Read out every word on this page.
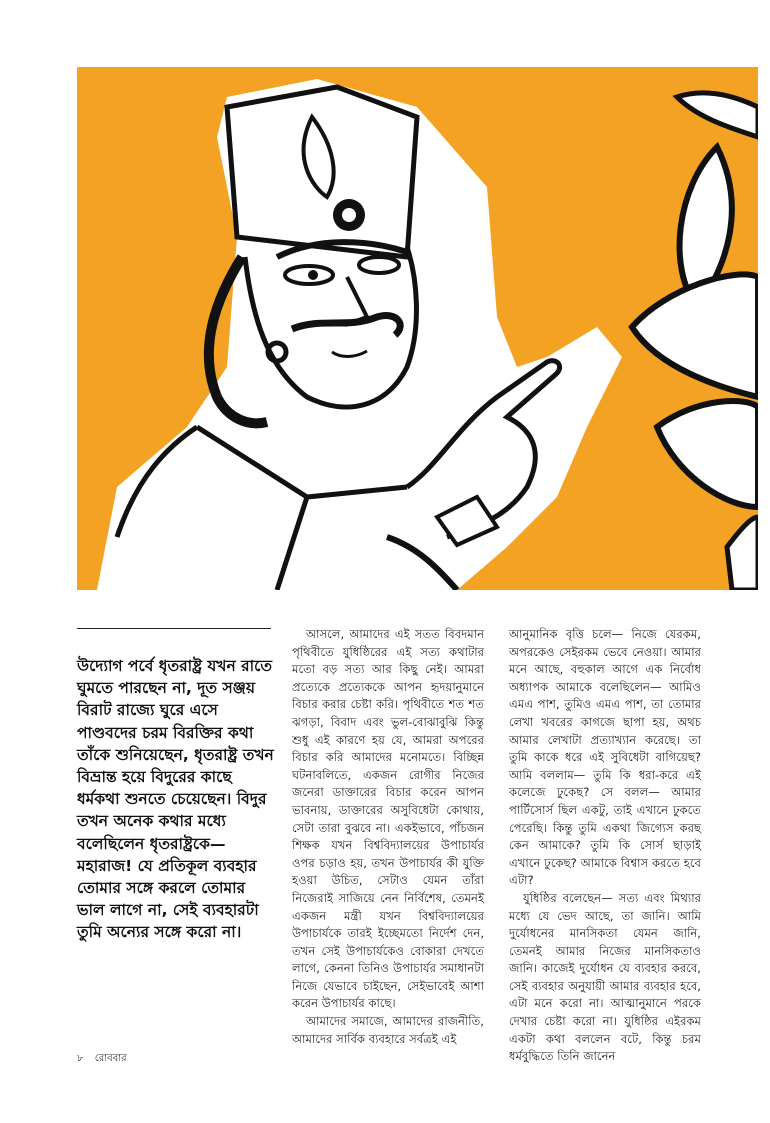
উদ্যোগ পর্বে ধৃতরাষ্ট্র যখন রাতে ঘুমতে পারছেন না, দূত সঞ্জয় বিরাট রাজ্যে ঘুরে এসে পাণ্ডবদের চরম বিরক্তির কথা তাঁকে শুনিয়েছেন, ধৃতরাষ্ট্র তখন বিভ্রান্ত হয়ে বিদুরের কাছে ধর্মকথা শুনতে চেয়েছেন। বিদুর তখন অনেক কথার মধ্যে বলেছিলেন ধৃতরাষ্ট্রকে— মহারাজ! যে প্রতিকূল ব্যবহার তোমার সঙ্গে করলে তোমার ভাল লাগে না, সেই ব্যবহারটা তুমি অন্যের সঙ্গে করো না।

আসলে, আমাদের এই সতত বিবদমান পৃথিবীতে যুধিষ্ঠিরের এই সত্য কথাটার মতো বড় সত্য আর কিছু নেই। আমরা প্রত্যেকে প্রত্যেককে আপন হৃদয়ানুমানে বিচার করার চেষ্টা করি। পৃথিবীতে শত শত ঝগড়া, বিবাদ এবং ভুল-বোঝাবুঝি কিন্তু শুধু এই কারণে হয় যে, আমরা অপরের বিচার করি আমাদের মনোমতে। বিচ্ছিন্ন ঘটনাবলিতে, একজন রোগীর নিজের জনেরা ডাক্তারের বিচার করেন আপন ভাবনায়, ডাক্তারের অসুবিধেটা কোথায়, সেটা তারা বুঝবে না। একইভাবে, পাঁচজন শিক্ষক যখন বিশ্ববিদ্যালয়ের উপাচার্যর ওপর চড়াও হয়, তখন উপাচার্যর কী যুক্তি হওয়া উচিত, সেটাও যেমন তাঁরা নিজেরাই সাজিয়ে নেন নির্বিশেষ, তেমনই একজন মন্ত্রী যখন বিশ্ববিদ্যালয়ের উপাচার্যকে তারই ইচ্ছেমতো নির্দেশ দেন, তখন সেই উপাচার্যকেও বোকারা দেখতে লাগে, কেননা তিনিও উপাচার্যর সমাধানটা নিজে যেভাবে চাইছেন, সেইভাবেই আশা করেন উপাচার্যর কাছে।

আমাদের সমাজে, আমাদের রাজনীতি, আমাদের সার্বিক ব্যবহারে সর্বত্রই এই

আনুমানিক বৃত্তি চলে— নিজে যেরকম, অপরকেও সেইরকম ভেবে নেওয়া। আমার মনে আছে, বহুকাল আগে এক নির্বোধ অধ্যাপক আমাকে বলেছিলেন— আমিও এমএ পাশ, তুমিও এমএ পাশ, তা তোমার লেখা খবরের কাগজে ছাপা হয়, অথচ আমার লেখাটা প্রত্যাখ্যান করেছে। তা তুমি কাকে ধরে এই সুবিধেটা বাগিয়েছ? আমি বললাম— তুমি কি ধরা-করে এই কলেজে ঢুকেছ? সে বলল— আমার পার্টিসোর্স ছিল একটু, তাই এখানে ঢুকতে পেরেছি। কিন্তু তুমি একথা জিগ্যেস করছ কেন আমাকে? তুমি কি সোর্স ছাড়াই এখানে ঢুকেছ? আমাকে বিশ্বাস করতে হবে এটা?

যুধিষ্ঠির বলেছেন— সত্য এবং মিথ্যার মধ্যে যে ভেদ আছে, তা জানি। আমি দুর্যোধনের মানসিকতা যেমন জানি, তেমনই আমার নিজের মানসিকতাও জানি। কাজেই দুর্যোধন যে ব্যবহার করবে, সেই ব্যবহার অনুযায়ী আমার ব্যবহার হবে, এটা মনে করো না। আত্মানুমানে পরকে দেখার চেষ্টা করো না। যুধিষ্ঠির এইরকম একটা কথা বললেন বটে, কিন্তু চরম ধর্মবুদ্ধিতে তিনি জানেন

৮ রোববার
